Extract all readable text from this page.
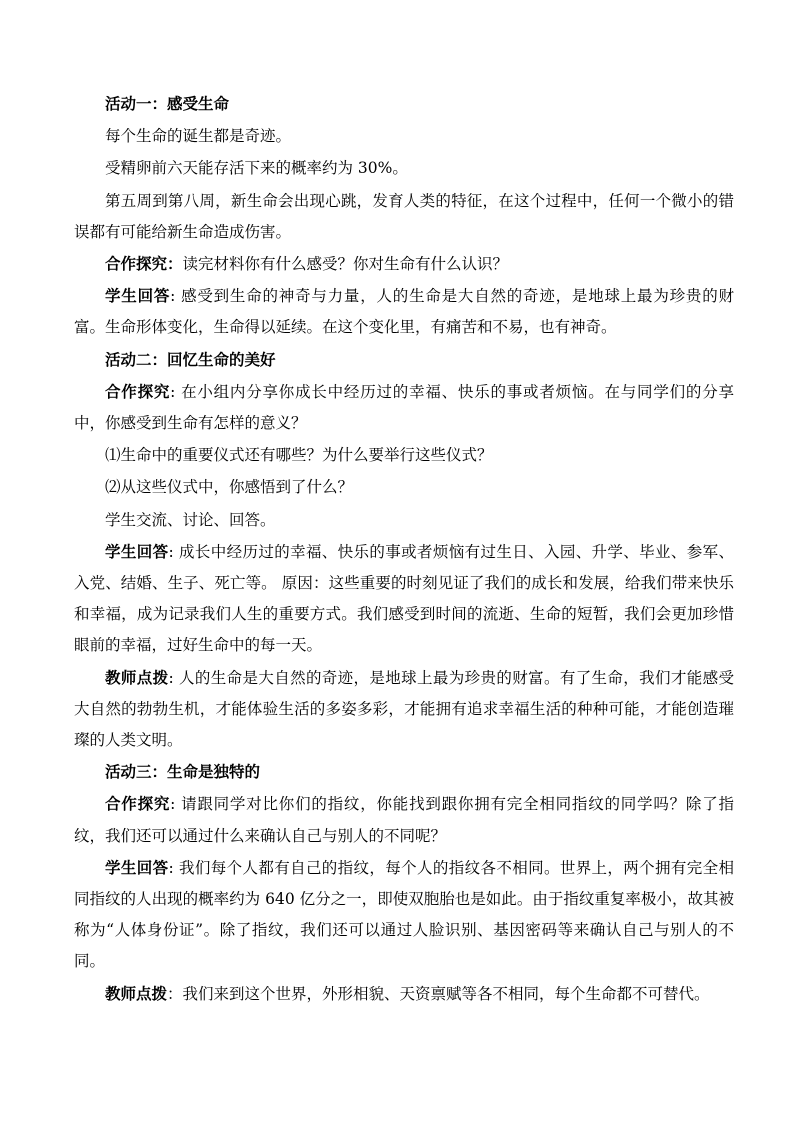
活动一：感受生命

每个生命的诞生都是奇迹。

受精卵前六天能存活下来的概率约为 30%。

第五周到第八周，新生命会出现心跳，发育人类的特征，在这个过程中，任何一个微小的错误都有可能给新生命造成伤害。

合作探究：读完材料你有什么感受？你对生命有什么认识？

学生回答: 感受到生命的神奇与力量，人的生命是大自然的奇迹，是地球上最为珍贵的财富。生命形体变化，生命得以延续。在这个变化里，有痛苦和不易，也有神奇。

活动二：回忆生命的美好

合作探究: 在小组内分享你成长中经历过的幸福、快乐的事或者烦恼。在与同学们的分享中，你感受到生命有怎样的意义？

⑴生命中的重要仪式还有哪些？为什么要举行这些仪式？

⑵从这些仪式中，你感悟到了什么？

学生交流、讨论、回答。

学生回答: 成长中经历过的幸福、快乐的事或者烦恼有过生日、入园、升学、毕业、参军、入党、结婚、生子、死亡等。 原因：这些重要的时刻见证了我们的成长和发展，给我们带来快乐和幸福，成为记录我们人生的重要方式。我们感受到时间的流逝、生命的短暂，我们会更加珍惜眼前的幸福，过好生命中的每一天。

教师点拨: 人的生命是大自然的奇迹，是地球上最为珍贵的财富。有了生命，我们才能感受大自然的勃勃生机，才能体验生活的多姿多彩，才能拥有追求幸福生活的种种可能，才能创造璀璨的人类文明。

活动三：生命是独特的

合作探究: 请跟同学对比你们的指纹，你能找到跟你拥有完全相同指纹的同学吗？除了指纹，我们还可以通过什么来确认自己与别人的不同呢？

学生回答: 我们每个人都有自己的指纹，每个人的指纹各不相同。世界上，两个拥有完全相同指纹的人出现的概率约为 640 亿分之一，即使双胞胎也是如此。由于指纹重复率极小，故其被称为“人体身份证”。除了指纹，我们还可以通过人脸识别、基因密码等来确认自己与别人的不同。

教师点拨：我们来到这个世界，外形相貌、天资禀赋等各不相同，每个生命都不可替代。
